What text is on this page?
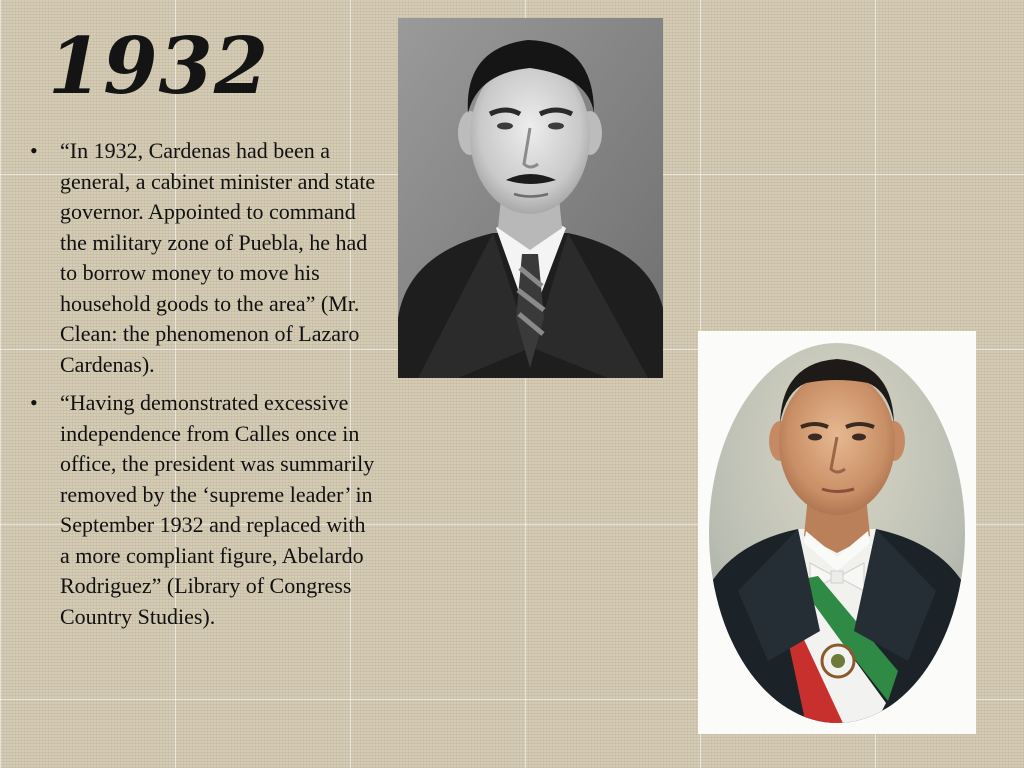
1932
• “In 1932, Cardenas had been a general, a cabinet minister and state governor. Appointed to command the military zone of Puebla, he had to borrow money to move his household goods to the area” (Mr. Clean: the phenomenon of Lazaro Cardenas).
• “Having demonstrated excessive independence from Calles once in office, the president was summarily removed by the ‘supreme leader’ in September 1932 and replaced with a more compliant figure, Abelardo Rodriguez” (Library of Congress Country Studies).
